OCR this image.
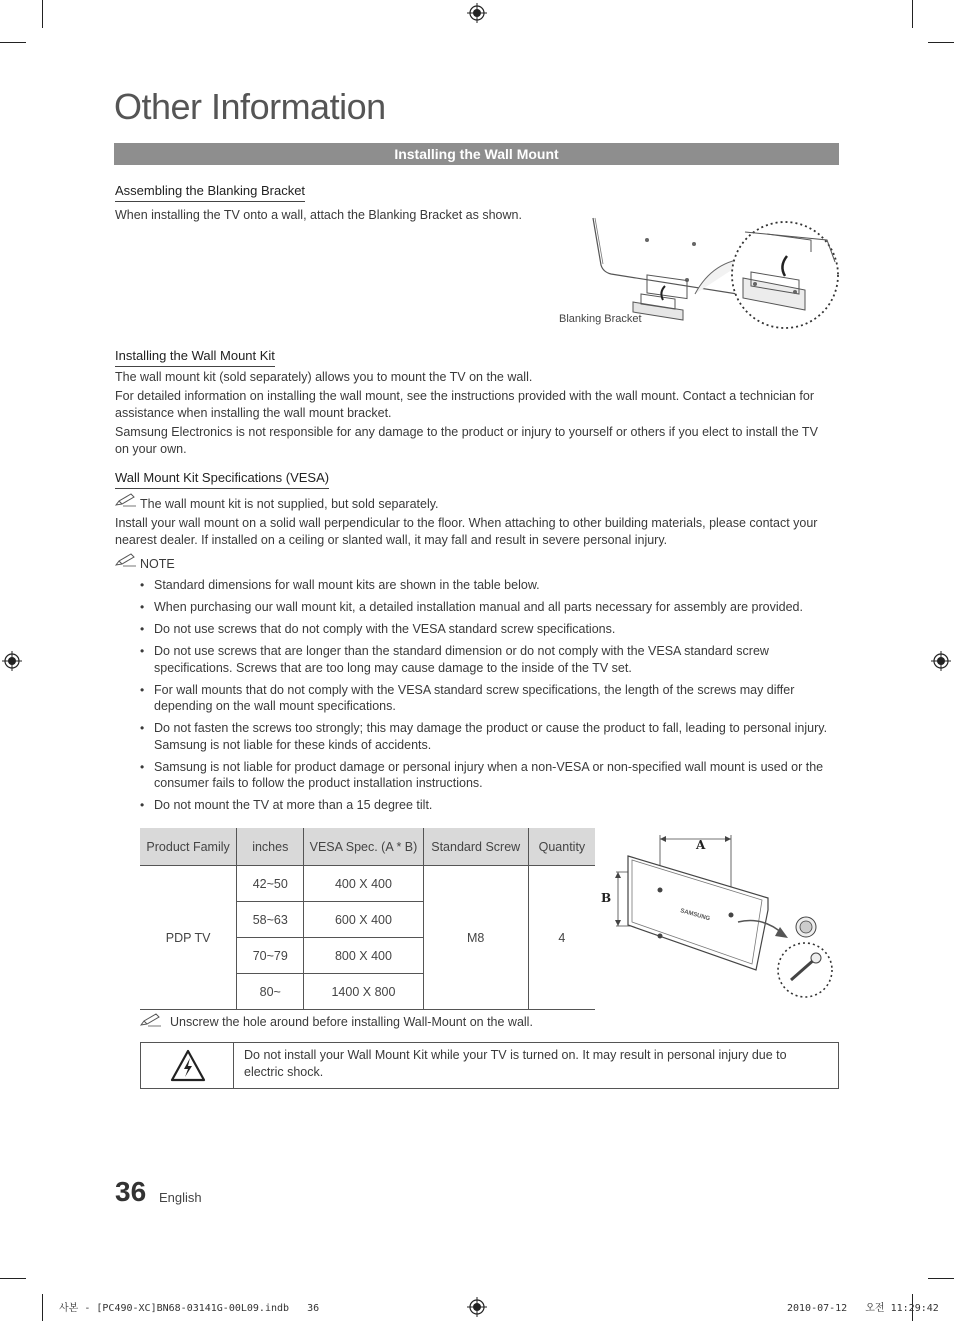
Other Information
Installing the Wall Mount
Assembling the Blanking Bracket
When installing the TV onto a wall, attach the Blanking Bracket as shown.
Blanking Bracket
Installing the Wall Mount Kit
The wall mount kit (sold separately) allows you to mount the TV on the wall.
For detailed information on installing the wall mount, see the instructions provided with the wall mount. Contact a technician for assistance when installing the wall mount bracket.
Samsung Electronics is not responsible for any damage to the product or injury to yourself or others if you elect to install the TV on your own.
Wall Mount Kit Specifications (VESA)
The wall mount kit is not supplied, but sold separately.
Install your wall mount on a solid wall perpendicular to the floor. When attaching to other building materials, please contact your nearest dealer. If installed on a ceiling or slanted wall, it may fall and result in severe personal injury.
NOTE
• Standard dimensions for wall mount kits are shown in the table below.
• When purchasing our wall mount kit, a detailed installation manual and all parts necessary for assembly are provided.
• Do not use screws that do not comply with the VESA standard screw specifications.
• Do not use screws that are longer than the standard dimension or do not comply with the VESA standard screw specifications. Screws that are too long may cause damage to the inside of the TV set.
• For wall mounts that do not comply with the VESA standard screw specifications, the length of the screws may differ depending on the wall mount specifications.
• Do not fasten the screws too strongly; this may damage the product or cause the product to fall, leading to personal injury. Samsung is not liable for these kinds of accidents.
• Samsung is not liable for product damage or personal injury when a non-VESA or non-specified wall mount is used or the consumer fails to follow the product installation instructions.
• Do not mount the TV at more than a 15 degree tilt.
Product Family	inches	VESA Spec. (A * B)	Standard Screw	Quantity
PDP TV	42~50	400 X 400	M8	4
	58~63	600 X 400		
	70~79	800 X 400		
	80~	1400 X 800		
A
B
SAMSUNG
Unscrew the hole around before installing Wall-Mount on the wall.
Do not install your Wall Mount Kit while your TV is turned on. It may result in personal injury due to electric shock.
36 English
사본 - [PC490-XC]BN68-03141G-00L09.indb   36	2010-07-12   오전 11:29:42
